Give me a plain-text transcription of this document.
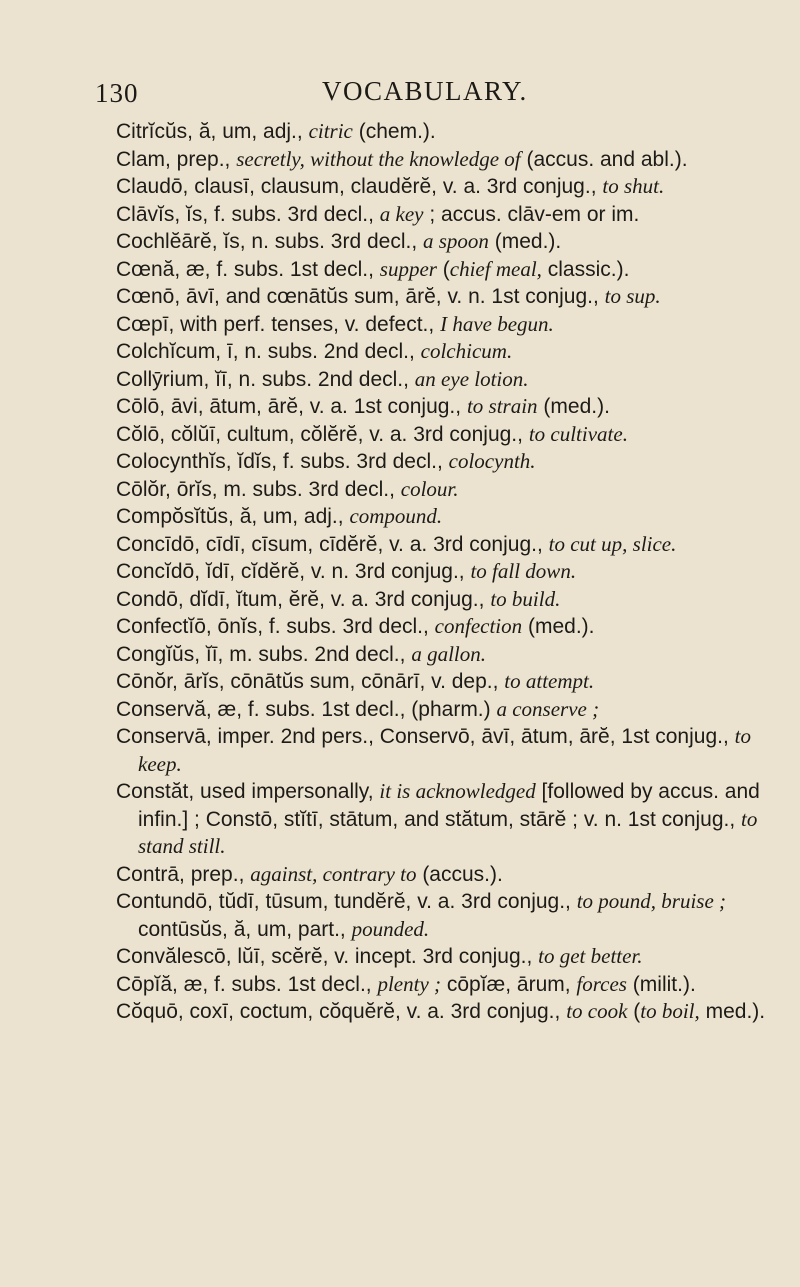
130	VOCABULARY.
Citrĭcŭs, ă, um, adj., citric (chem.).
Clam, prep., secretly, without the knowledge of (accus. and abl.).
Claudō, clausī, clausum, claudĕrĕ, v. a. 3rd conjug., to shut.
Clāvĭs, ĭs, f. subs. 3rd decl., a key ; accus. clāv-em or im.
Cochlĕārĕ, ĭs, n. subs. 3rd decl., a spoon (med.).
Cœnă, æ, f. subs. 1st decl., supper (chief meal, classic.).
Cœnō, āvī, and cœnātŭs sum, ārĕ, v. n. 1st conjug., to sup.
Cœpī, with perf. tenses, v. defect., I have begun.
Colchĭcum, ī, n. subs. 2nd decl., colchicum.
Collȳrium, ĭī, n. subs. 2nd decl., an eye lotion.
Cōlō, āvi, ātum, ārĕ, v. a. 1st conjug., to strain (med.).
Cŏlō, cŏlŭī, cultum, cŏlĕrĕ, v. a. 3rd conjug., to cultivate.
Colocynthĭs, ĭdĭs, f. subs. 3rd decl., colocynth.
Cōlŏr, ōrĭs, m. subs. 3rd decl., colour.
Compŏsĭtŭs, ă, um, adj., compound.
Concīdō, cīdī, cīsum, cīdĕrĕ, v. a. 3rd conjug., to cut up, slice.
Concĭdō, ĭdī, cĭdĕrĕ, v. n. 3rd conjug., to fall down.
Condō, dĭdī, ĭtum, ĕrĕ, v. a. 3rd conjug., to build.
Confectĭō, ōnĭs, f. subs. 3rd decl., confection (med.).
Congĭŭs, ĭī, m. subs. 2nd decl., a gallon.
Cōnŏr, ārĭs, cōnātŭs sum, cōnārī, v. dep., to attempt.
Conservă, æ, f. subs. 1st decl., (pharm.) a conserve ;
Conservā, imper. 2nd pers., Conservō, āvī, ātum, ārĕ, 1st conjug., to keep.
Constăt, used impersonally, it is acknowledged [followed by accus. and infin.] ; Constō, stĭtī, stātum, and stătum, stārĕ ; v. n. 1st conjug., to stand still.
Contrā, prep., against, contrary to (accus.).
Contundō, tŭdī, tūsum, tundĕrĕ, v. a. 3rd conjug., to pound, bruise ; contūsŭs, ă, um, part., pounded.
Convălescō, lŭī, scĕrĕ, v. incept. 3rd conjug., to get better.
Cōpĭă, æ, f. subs. 1st decl., plenty ; cōpĭæ, ārum, forces (milit.).
Cŏquō, coxī, coctum, cŏquĕrĕ, v. a. 3rd conjug., to cook (to boil, med.).
